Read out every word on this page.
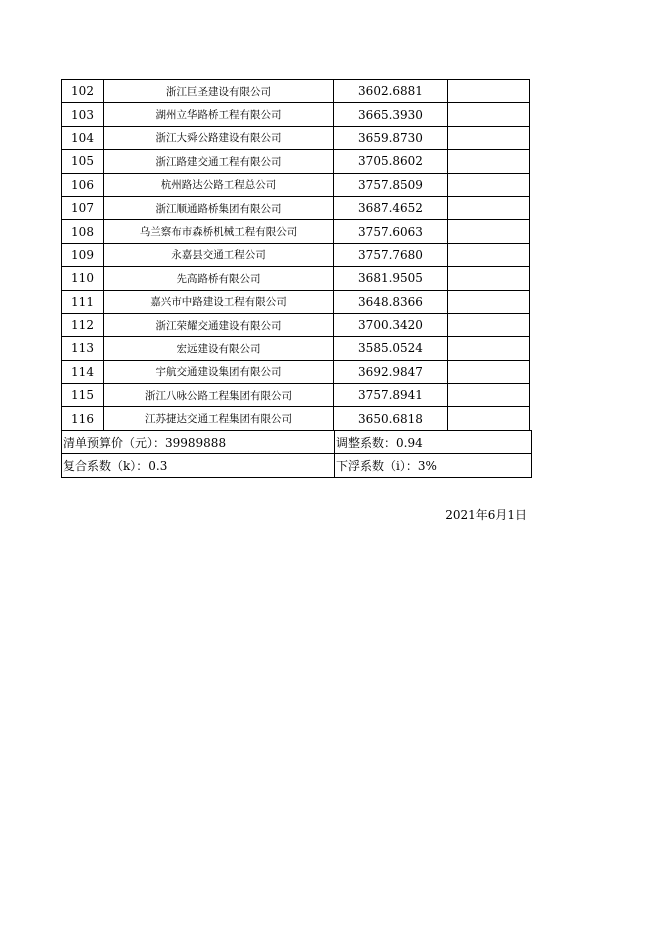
102	浙江巨圣建设有限公司	3602.6881	
103	湖州立华路桥工程有限公司	3665.3930	
104	浙江大舜公路建设有限公司	3659.8730	
105	浙江路建交通工程有限公司	3705.8602	
106	杭州路达公路工程总公司	3757.8509	
107	浙江顺通路桥集团有限公司	3687.4652	
108	乌兰察布市森桥机械工程有限公司	3757.6063	
109	永嘉县交通工程公司	3757.7680	
110	先高路桥有限公司	3681.9505	
111	嘉兴市中路建设工程有限公司	3648.8366	
112	浙江荣耀交通建设有限公司	3700.3420	
113	宏远建设有限公司	3585.0524	
114	宇航交通建设集团有限公司	3692.9847	
115	浙江八咏公路工程集团有限公司	3757.8941	
116	江苏捷达交通工程集团有限公司	3650.6818	
清单预算价（元）：39989888	调整系数：0.94
复合系数（k）：0.3	下浮系数（i）：3%
2021年6月1日
